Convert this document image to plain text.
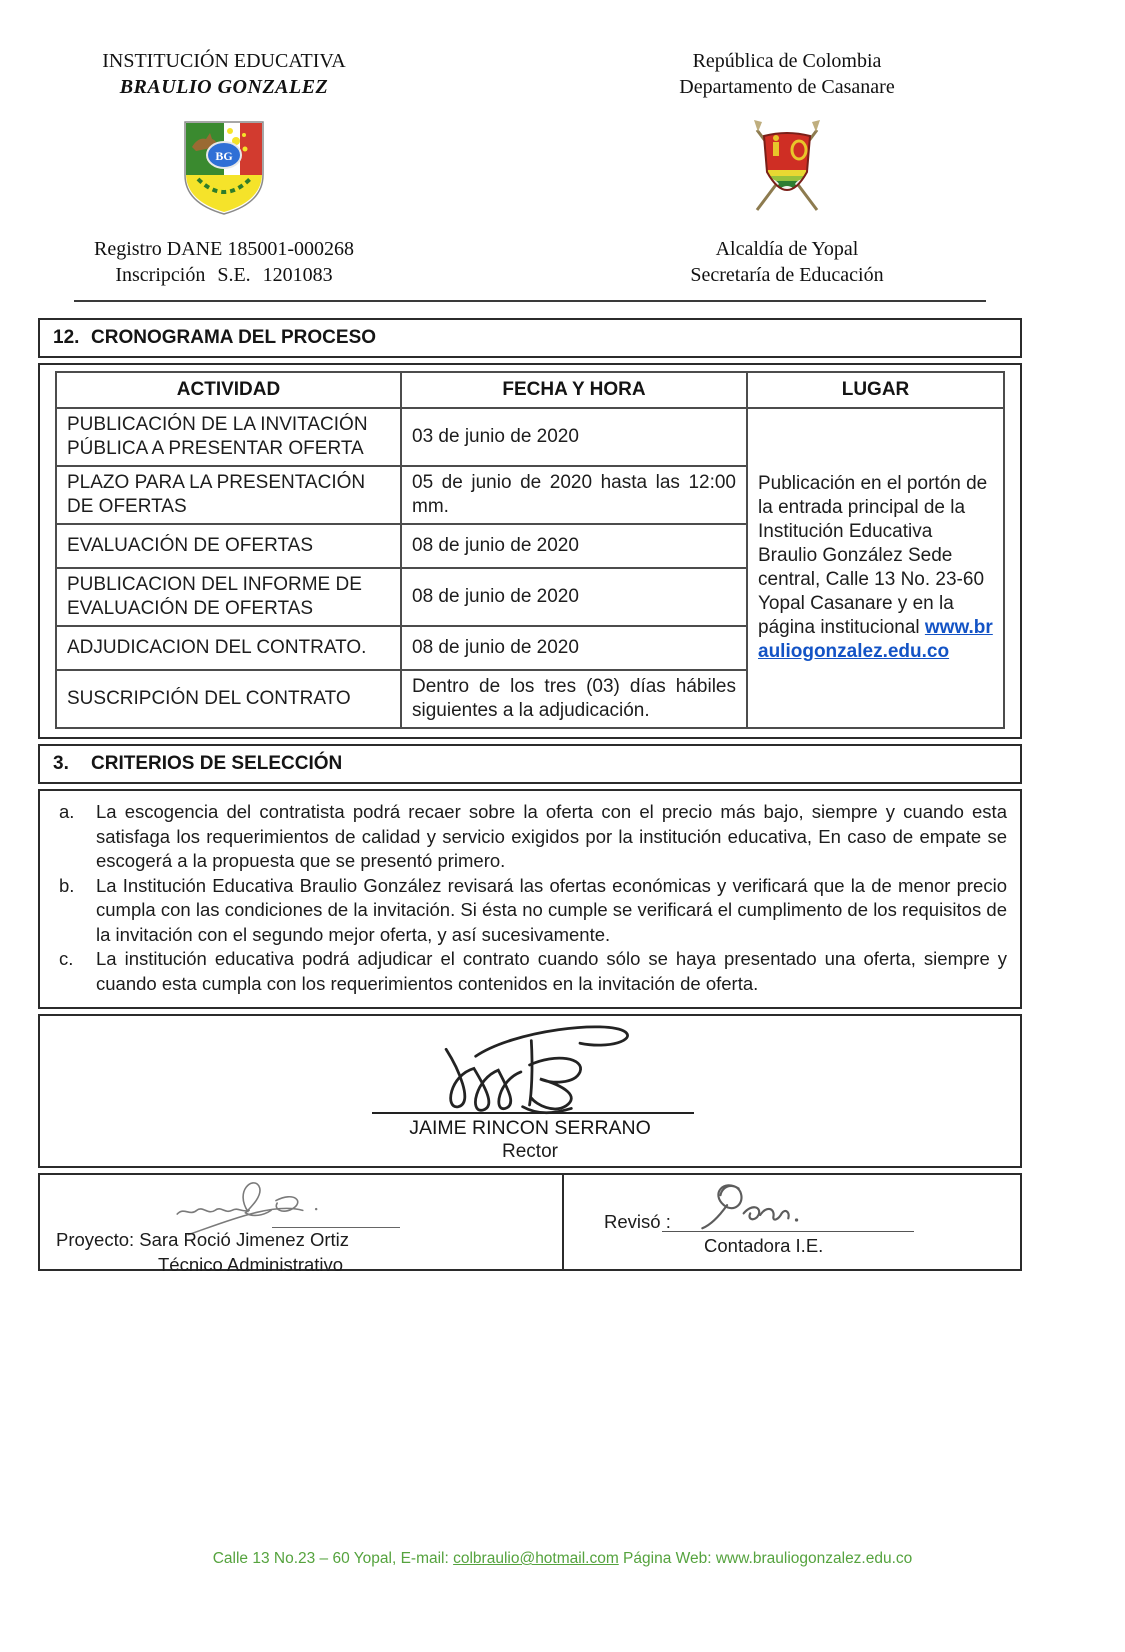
INSTITUCIÓN EDUCATIVA
BRAULIO GONZALEZ
BG
Registro DANE 185001-000268
Inscripción S.E. 1201083
República de Colombia
Departamento de Casanare
Alcaldía de Yopal
Secretaría de Educación
12. CRONOGRAMA DEL PROCESO
ACTIVIDAD	FECHA Y HORA	LUGAR
PUBLICACIÓN DE LA INVITACIÓN PÚBLICA A PRESENTAR OFERTA	03 de junio de 2020	Publicación en el portón de la entrada principal de la Institución Educativa Braulio González Sede central, Calle 13 No. 23-60 Yopal Casanare y en la página institucional www.brauliogonzalez.edu.co
PLAZO PARA LA PRESENTACIÓN DE OFERTAS	05 de junio de 2020 hasta las 12:00 mm.	
EVALUACIÓN DE OFERTAS	08 de junio de 2020	
PUBLICACION DEL INFORME DE EVALUACIÓN DE OFERTAS	08 de junio de 2020	
ADJUDICACION DEL CONTRATO.	08 de junio de 2020	
SUSCRIPCIÓN DEL CONTRATO	Dentro de los tres (03) días hábiles siguientes a la adjudicación.	
3.	CRITERIOS DE SELECCIÓN
a.	La escogencia del contratista podrá recaer sobre la oferta con el precio más bajo, siempre y cuando esta satisfaga los requerimientos de calidad y servicio exigidos por la institución educativa, En caso de empate se escogerá a la propuesta que se presentó primero.
b.	La Institución Educativa Braulio González revisará las ofertas económicas y verificará que la de menor precio cumpla con las condiciones de la invitación. Si ésta no cumple se verificará el cumplimento de los requisitos de la invitación con el segundo mejor oferta, y así sucesivamente.
c.	La institución educativa podrá adjudicar el contrato cuando sólo se haya presentado una oferta, siempre y cuando esta cumpla con los requerimientos contenidos en la invitación de oferta.
JAIME RINCON SERRANO
Rector
Proyecto: Sara Roció Jimenez Ortiz
Técnico Administrativo
Revisó :
Contadora I.E.
Calle 13 No.23 – 60 Yopal, E-mail: colbraulio@hotmail.com Página Web: www.brauliogonzalez.edu.co
